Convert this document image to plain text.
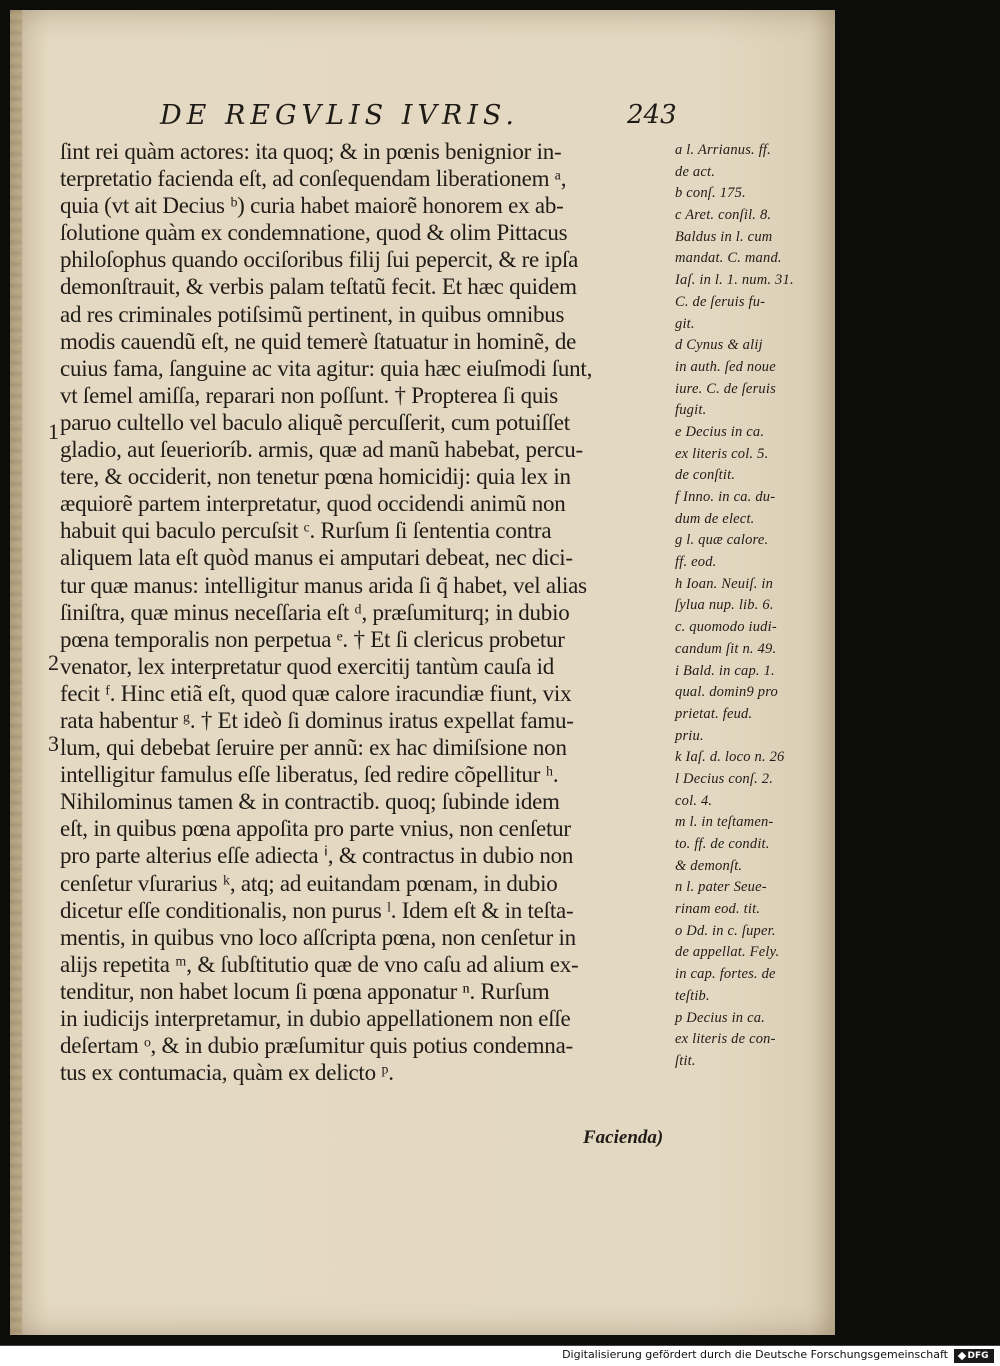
DE REGVLIS IVRIS.	243
1
2
3
ſint rei quàm actores: ita quoq; & in pœnis benignior in-
terpretatio facienda eſt, ad conſequendam liberationem ᵃ,
quia (vt ait Decius ᵇ) curia habet maiorẽ honorem ex ab-
ſolutione quàm ex condemnatione, quod & olim Pittacus
philoſophus quando occiſoribus filij ſui pepercit, & re ipſa
demonſtrauit, & verbis palam teſtatũ fecit. Et hæc quidem
ad res criminales potiſsimũ pertinent, in quibus omnibus
modis cauendũ eſt, ne quid temerè ſtatuatur in hominẽ, de
cuius fama, ſanguine ac vita agitur: quia hæc eiuſmodi ſunt,
vt ſemel amiſſa, reparari non poſſunt. † Propterea ſi quis
paruo cultello vel baculo aliquẽ percuſſerit, cum potuiſſet
gladio, aut ſeuerioríb. armis, quæ ad manũ habebat, percu-
tere, & occiderit, non tenetur pœna homicidij: quia lex in
æquiorẽ partem interpretatur, quod occidendi animũ non
habuit qui baculo percuſsit ᶜ. Rurſum ſi ſententia contra
aliquem lata eſt quòd manus ei amputari debeat, nec dici-
tur quæ manus: intelligitur manus arida ſi q̃ habet, vel alias
ſiniſtra, quæ minus neceſſaria eſt ᵈ, præſumiturq; in dubio
pœna temporalis non perpetua ᵉ. † Et ſi clericus probetur
venator, lex interpretatur quod exercitij tantùm cauſa id
fecit ᶠ. Hinc etiã eſt, quod quæ calore iracundiæ fiunt, vix
rata habentur ᵍ. † Et ideò ſi dominus iratus expellat famu-
lum, qui debebat ſeruire per annũ: ex hac dimiſsione non
intelligitur famulus eſſe liberatus, ſed redire cõpellitur ʰ.
Nihilominus tamen & in contractib. quoq; ſubinde idem
eſt, in quibus pœna appoſita pro parte vnius, non cenſetur
pro parte alterius eſſe adiecta ⁱ, & contractus in dubio non
cenſetur vſurarius ᵏ, atq; ad euitandam pœnam, in dubio
dicetur eſſe conditionalis, non purus ˡ. Idem eſt & in teſta-
mentis, in quibus vno loco aſſcripta pœna, non cenſetur in
alijs repetita ᵐ, & ſubſtitutio quæ de vno caſu ad alium ex-
tenditur, non habet locum ſi pœna apponatur ⁿ. Rurſum
in iudicijs interpretamur, in dubio appellationem non eſſe
deſertam ᵒ, & in dubio præſumitur quis potius condemna-
tus ex contumacia, quàm ex delicto ᵖ.
a l. Arrianus. ff.
de act.
b conſ. 175.
c Aret. conſil. 8.
Baldus in l. cum
mandat. C. mand.
Iaſ. in l. 1. num. 31.
C. de ſeruis fu-
git.
d Cynus & alij
in auth. ſed noue
iure. C. de ſeruis
fugit.
e Decius in ca.
ex literis col. 5.
de conſtit.
f Inno. in ca. du-
dum de elect.
g l. quæ calore.
ff. eod.
h Ioan. Neuiſ. in
ſylua nup. lib. 6.
c. quomodo iudi-
candum ſit n. 49.
i Bald. in cap. 1.
qual. domin9 pro
prietat. feud.
priu.
k Iaſ. d. loco n. 26
l Decius conſ. 2.
col. 4.
m l. in teſtamen-
to. ff. de condit.
& demonſt.
n l. pater Seue-
rinam eod. tit.
o Dd. in c. ſuper.
de appellat. Fely.
in cap. fortes. de
teſtib.
p Decius in ca.
ex literis de con-
ſtit.
Facienda)
Digitalisierung gefördert durch die Deutsche Forschungsgemeinschaft DFG
